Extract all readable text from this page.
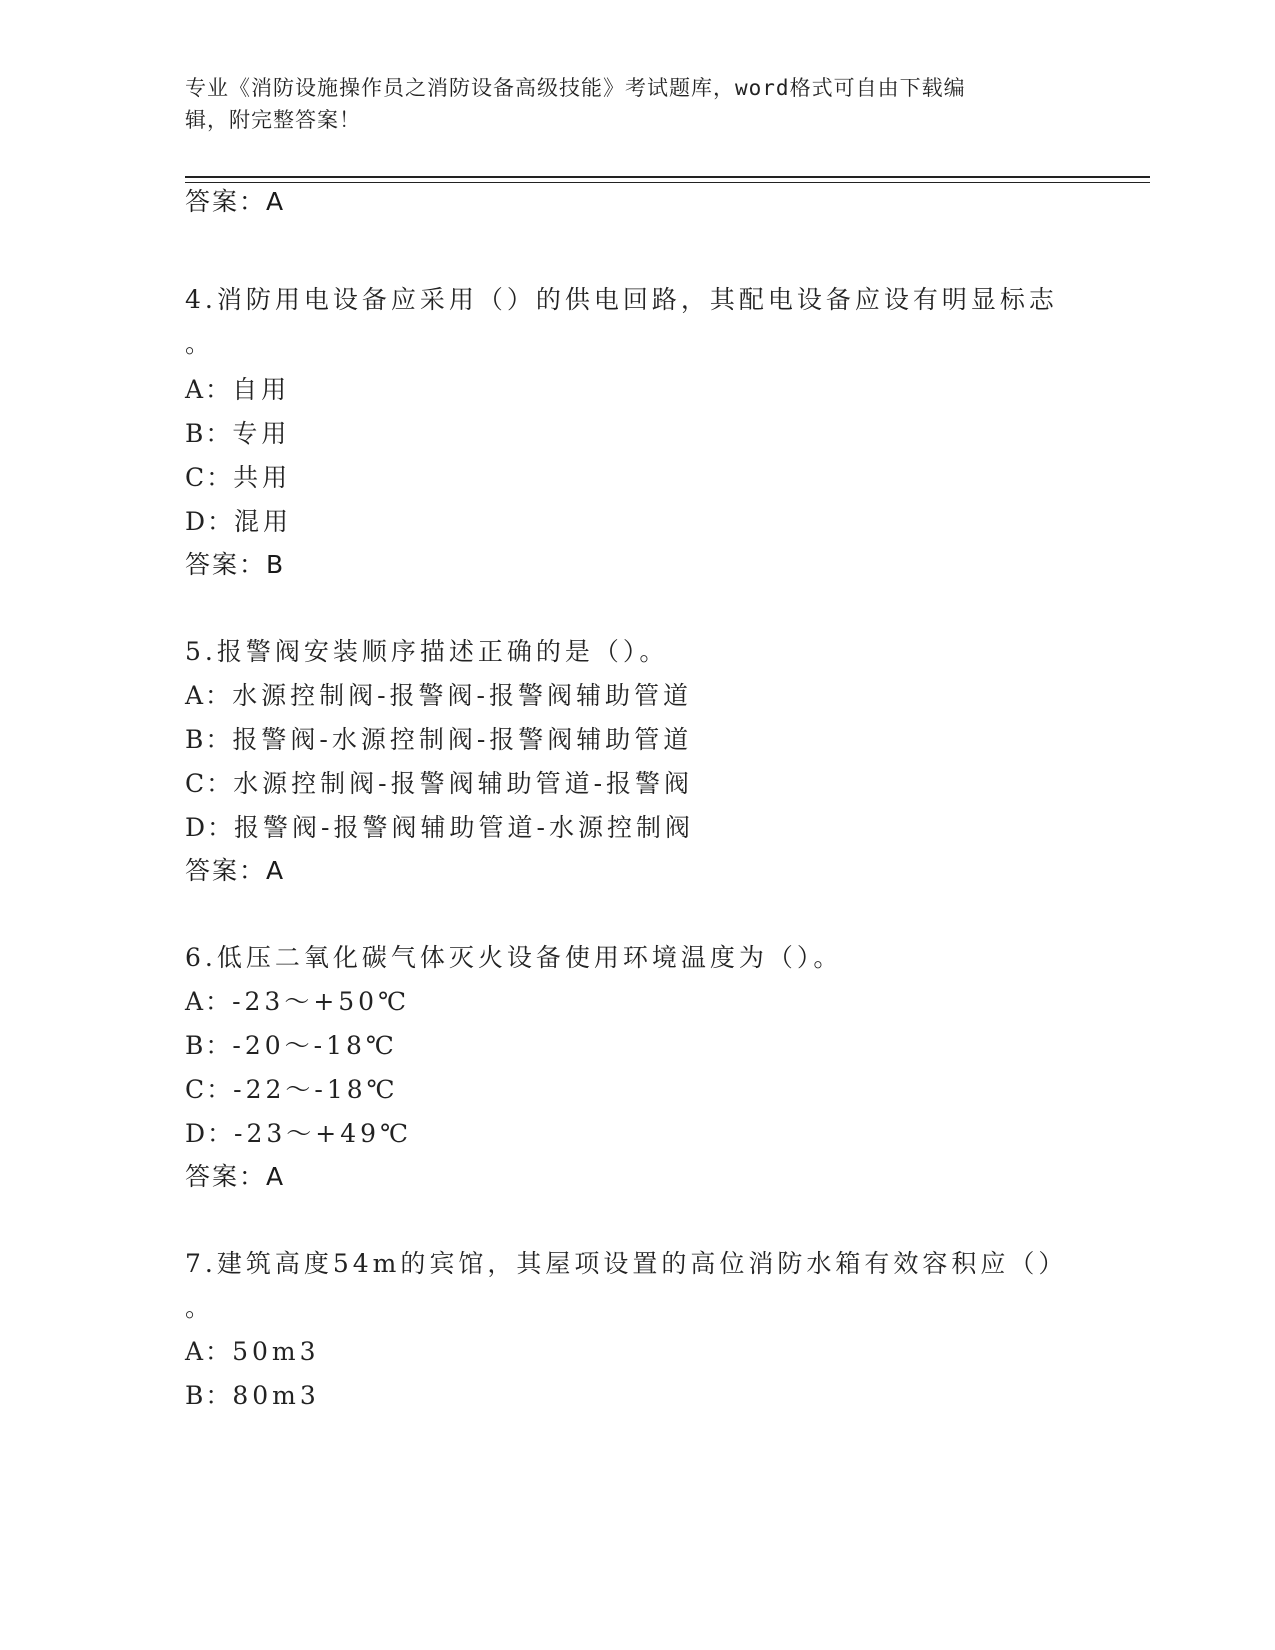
专业《消防设施操作员之消防设备高级技能》考试题库，word格式可自由下载编
辑，附完整答案！
答案：A
4.消防用电设备应采用（）的供电回路，其配电设备应设有明显标志
。
A：自用
B：专用
C：共用
D：混用
答案：B
5.报警阀安装顺序描述正确的是（）。
A：水源控制阀-报警阀-报警阀辅助管道
B：报警阀-水源控制阀-报警阀辅助管道
C：水源控制阀-报警阀辅助管道-报警阀
D：报警阀-报警阀辅助管道-水源控制阀
答案：A
6.低压二氧化碳气体灭火设备使用环境温度为（）。
A：-23～+50℃
B：-20～-18℃
C：-22～-18℃
D：-23～+49℃
答案：A
7.建筑高度54m的宾馆，其屋项设置的高位消防水箱有效容积应（）
。
A：50m3
B：80m3
